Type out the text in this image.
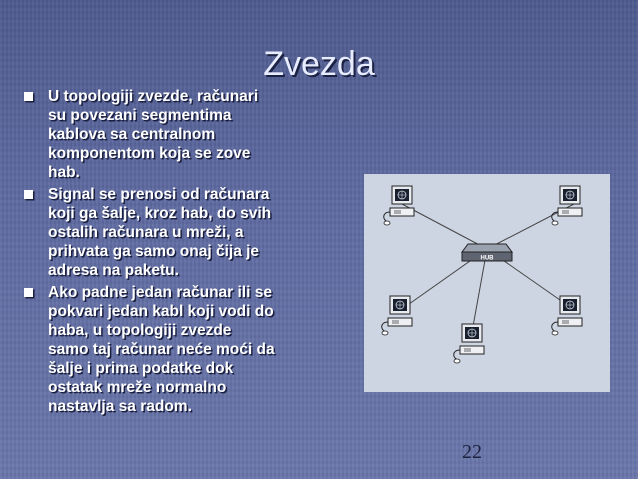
Zvezda
U topologiji zvezde, računari
su povezani segmentima
kablova sa centralnom
komponentom koja se zove
hab.
Signal se prenosi od računara
koji ga šalje, kroz hab, do svih
ostalih računara u mreži, a
prihvata ga samo onaj čija je
adresa na paketu.
Ako padne jedan računar ili se
pokvari jedan kabl koji vodi do
haba, u topologiji zvezde
samo taj računar neće moći da
šalje i prima podatke dok
ostatak mreže normalno
nastavlja sa radom.
HUB
22
